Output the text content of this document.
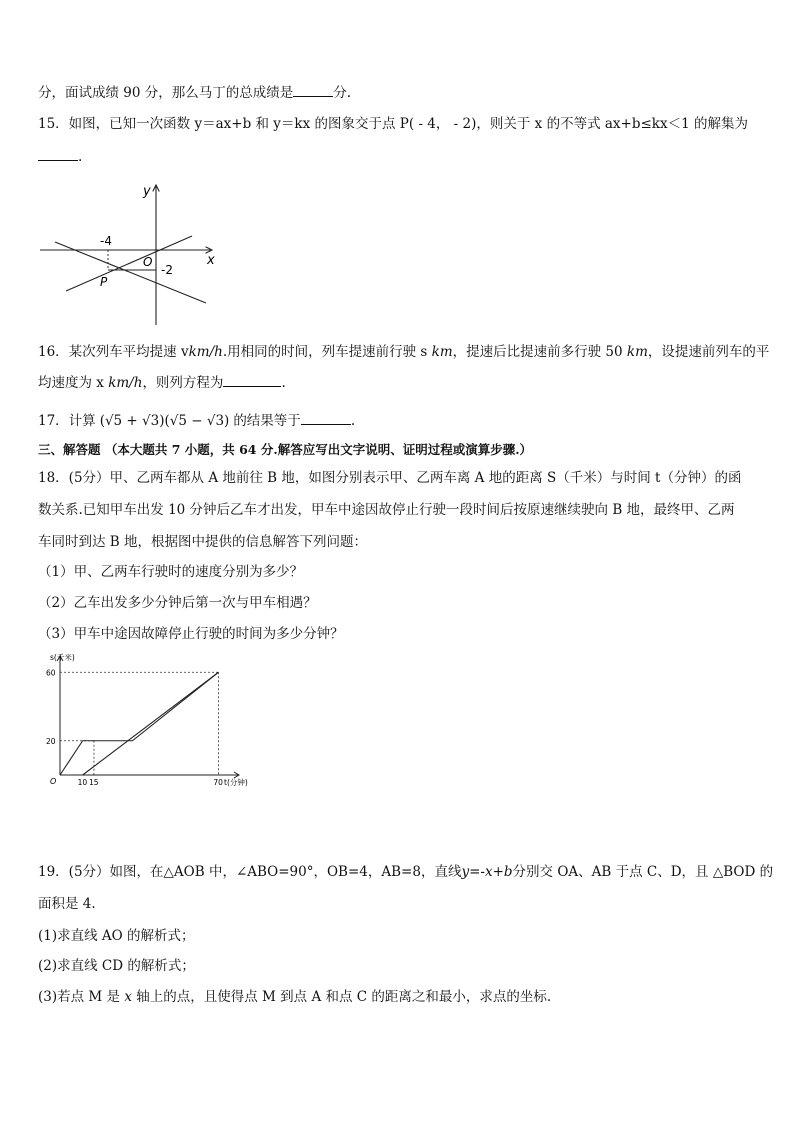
分，面试成绩 90 分，那么马丁的总成绩是	分.
15．如图，已知一次函数 y＝ax+b 和 y＝kx 的图象交于点 P( - 4， - 2)，则关于 x 的不等式 ax+b≤kx＜1 的解集为
.
y
x
O
P
-4
-2
16．某次列车平均提速 vkm/h.用相同的时间，列车提速前行驶 s km，提速后比提速前多行驶 50 km，设提速前列车的平
均速度为 x km/h，则列方程为	.
17．计算 (√5 + √3)(√5 − √3) 的结果等于	.
三、解答题 （本大题共 7 小题，共 64 分.解答应写出文字说明、证明过程或演算步骤.）
18．(5分）甲、乙两车都从 A 地前往 B 地，如图分别表示甲、乙两车离 A 地的距离 S（千米）与时间 t（分钟）的函
数关系.已知甲车出发 10 分钟后乙车才出发，甲车中途因故停止行驶一段时间后按原速继续驶向 B 地，最终甲、乙两
车同时到达 B 地，根据图中提供的信息解答下列问题：
（1）甲、乙两车行驶时的速度分别为多少？
（2）乙车出发多少分钟后第一次与甲车相遇？
（3）甲车中途因故障停止行驶的时间为多少分钟？
10 15	70
20
60
O	t(分钟)
s(千米)
19．(5分）如图，在△AOB 中，∠ABO=90°，OB=4，AB=8，直线y=-x+b分别交 OA、AB 于点 C、D，且 △BOD 的
面积是 4.
(1)求直线 AO 的解析式；
(2)求直线 CD 的解析式；
(3)若点 M 是 x 轴上的点，且使得点 M 到点 A 和点 C 的距离之和最小，求点的坐标.
